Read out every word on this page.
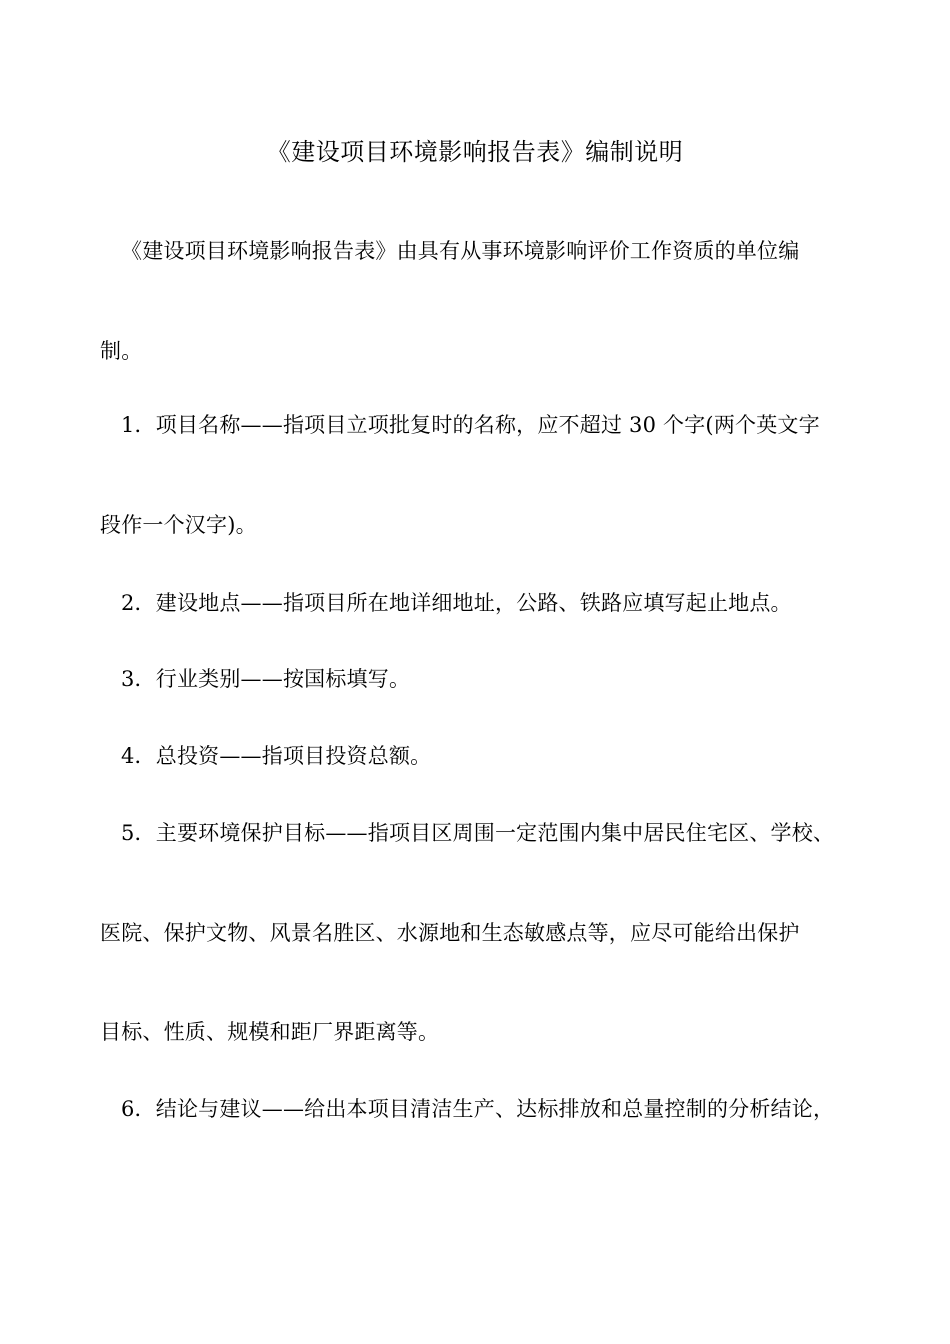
《建设项目环境影响报告表》编制说明
《建设项目环境影响报告表》由具有从事环境影响评价工作资质的单位编
制。
1．项目名称——指项目立项批复时的名称，应不超过 30 个字(两个英文字
段作一个汉字)。
2．建设地点——指项目所在地详细地址，公路、铁路应填写起止地点。
3．行业类别——按国标填写。
4．总投资——指项目投资总额。
5．主要环境保护目标——指项目区周围一定范围内集中居民住宅区、学校、
医院、保护文物、风景名胜区、水源地和生态敏感点等，应尽可能给出保护
目标、性质、规模和距厂界距离等。
6．结论与建议——给出本项目清洁生产、达标排放和总量控制的分析结论，
